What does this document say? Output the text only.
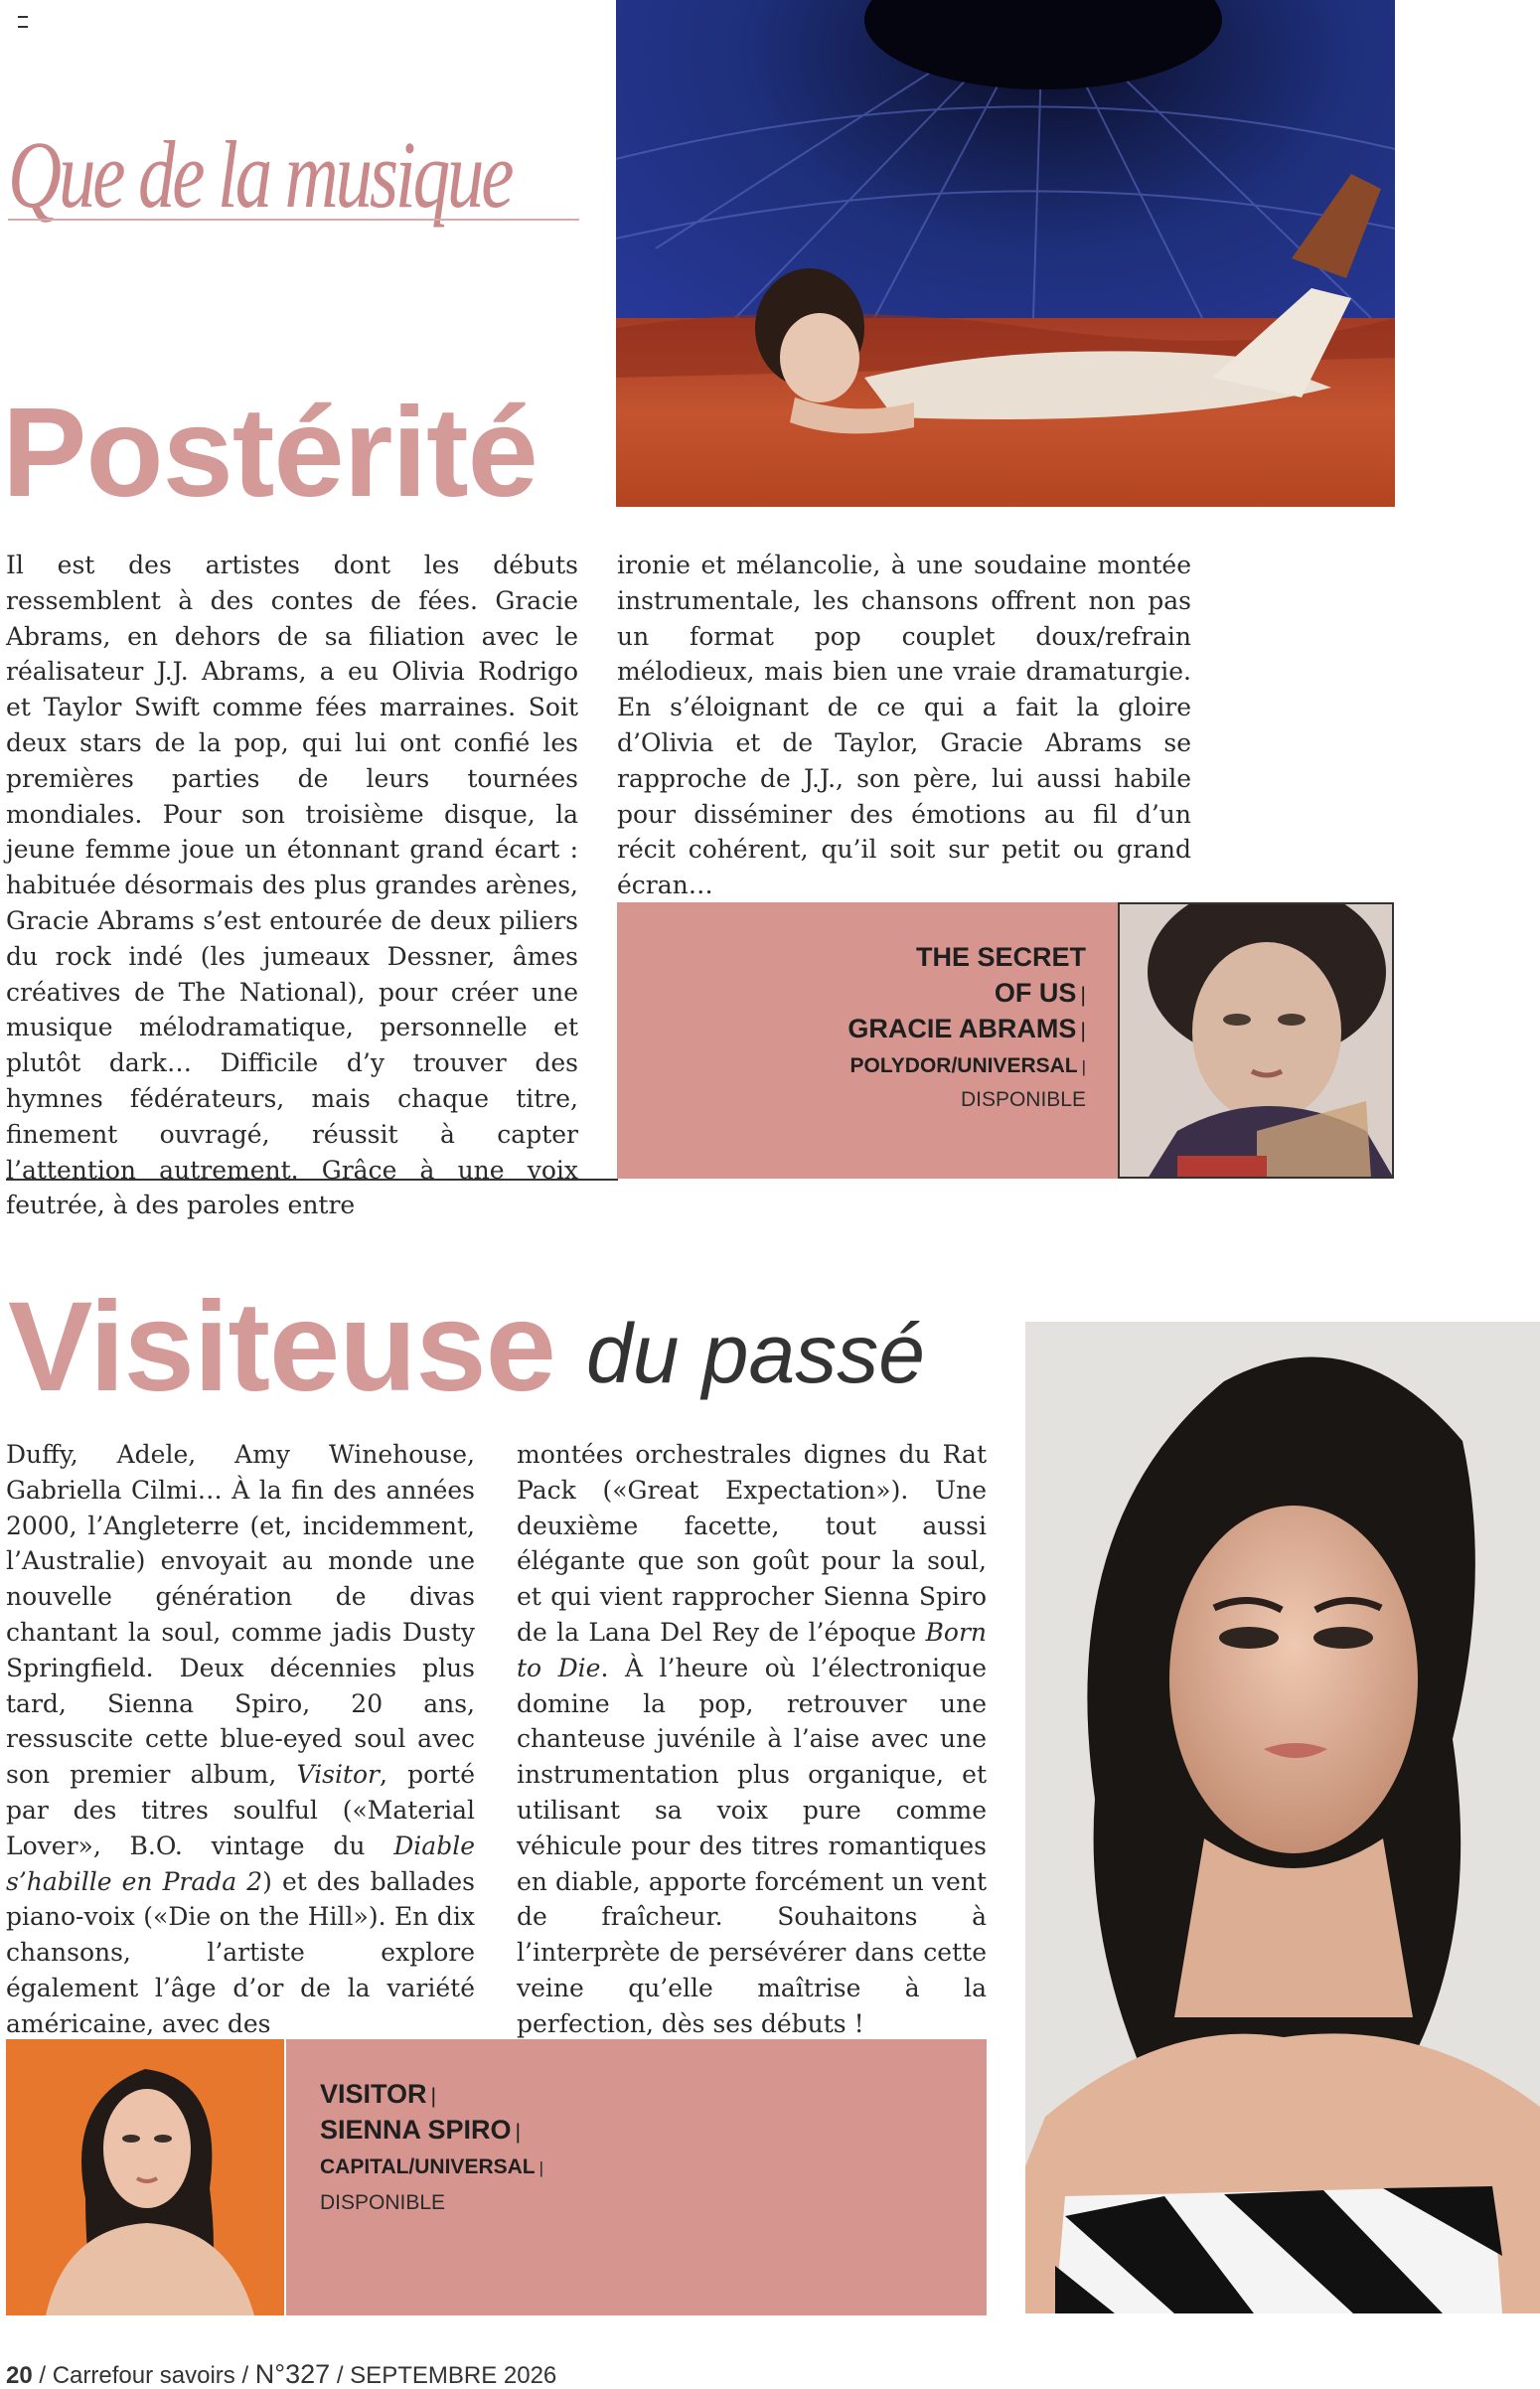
Que de la musique
Postérité
Il est des artistes dont les débuts ressemblent à des contes de fées. Gracie Abrams, en dehors de sa filiation avec le réalisateur J.J. Abrams, a eu Olivia Rodrigo et Taylor Swift comme fées marraines. Soit deux stars de la pop, qui lui ont confié les premières parties de leurs tournées mondiales. Pour son troisième disque, la jeune femme joue un étonnant grand écart : habituée désormais des plus grandes arènes, Gracie Abrams s’est entourée de deux piliers du rock indé (les jumeaux Dessner, âmes créatives de The National), pour créer une musique mélodramatique, personnelle et plutôt dark… Difficile d’y trouver des hymnes fédérateurs, mais chaque titre, finement ouvragé, réussit à capter l’attention autrement. Grâce à une voix feutrée, à des paroles entre
ironie et mélancolie, à une soudaine montée instrumentale, les chansons offrent non pas un format pop couplet doux/refrain mélodieux, mais bien une vraie dramaturgie. En s’éloignant de ce qui a fait la gloire d’Olivia et de Taylor, Gracie Abrams se rapproche de J.J., son père, lui aussi habile pour disséminer des émotions au fil d’un récit cohérent, qu’il soit sur petit ou grand écran…
THE SECRET
OF US |
GRACIE ABRAMS |
POLYDOR/UNIVERSAL |
DISPONIBLE
Visiteuse du passé
Duffy, Adele, Amy Winehouse, Gabriella Cilmi… À la fin des années 2000, l’Angleterre (et, incidemment, l’Australie) envoyait au monde une nouvelle génération de divas chantant la soul, comme jadis Dusty Springfield. Deux décennies plus tard, Sienna Spiro, 20 ans, ressuscite cette blue-eyed soul avec son premier album, Visitor, porté par des titres soulful («Material Lover», B.O. vintage du Diable s’habille en Prada 2) et des ballades piano-voix («Die on the Hill»). En dix chansons, l’artiste explore également l’âge d’or de la variété américaine, avec des
montées orchestrales dignes du Rat Pack («Great Expectation»). Une deuxième facette, tout aussi élégante que son goût pour la soul, et qui vient rapprocher Sienna Spiro de la Lana Del Rey de l’époque Born to Die. À l’heure où l’électronique domine la pop, retrouver une chanteuse juvénile à l’aise avec une instrumentation plus organique, et utilisant sa voix pure comme véhicule pour des titres romantiques en diable, apporte forcément un vent de fraîcheur. Souhaitons à l’interprète de persévérer dans cette veine qu’elle maîtrise à la perfection, dès ses débuts !
VISITOR |
SIENNA SPIRO |
CAPITAL/UNIVERSAL |
DISPONIBLE
20 / Carrefour savoirs / N°327 / SEPTEMBRE 2026
